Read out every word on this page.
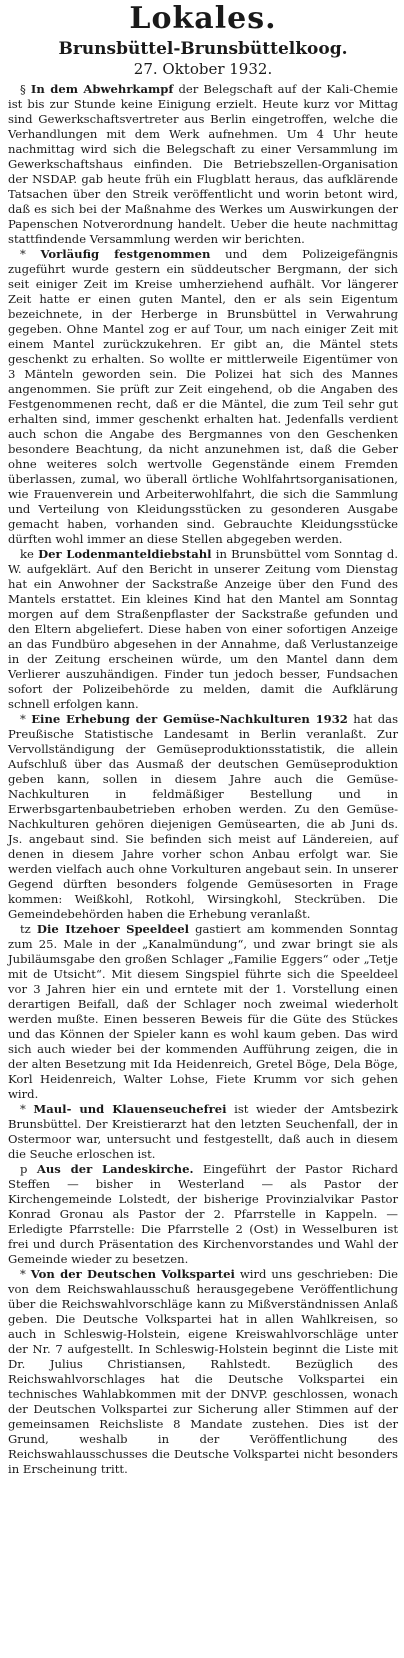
Lokales.
Brunsbüttel-Brunsbüttelkoog.
27. Oktober 1932.

§ In dem Abwehrkampf der Belegschaft auf der Kali-Chemie ist bis zur Stunde keine Einigung erzielt. Heute kurz vor Mittag sind Gewerkschaftsvertreter aus Berlin eingetroffen, welche die Verhandlungen mit dem Werk aufnehmen. Um 4 Uhr heute nachmittag wird sich die Belegschaft zu einer Versammlung im Gewerkschaftshaus einfinden. Die Betriebszellen-Organisation der NSDAP. gab heute früh ein Flugblatt heraus, das aufklärende Tatsachen über den Streik veröffentlicht und worin betont wird, daß es sich bei der Maßnahme des Werkes um Auswirkungen der Papenschen Notverordnung handelt. Ueber die heute nachmittag stattfindende Versammlung werden wir berichten.

* Vorläufig festgenommen und dem Polizeigefängnis zugeführt wurde gestern ein süddeutscher Bergmann, der sich seit einiger Zeit im Kreise umherziehend aufhält. Vor längerer Zeit hatte er einen guten Mantel, den er als sein Eigentum bezeichnete, in der Herberge in Brunsbüttel in Verwahrung gegeben. Ohne Mantel zog er auf Tour, um nach einiger Zeit mit einem Mantel zurückzukehren. Er gibt an, die Mäntel stets geschenkt zu erhalten. So wollte er mittlerweile Eigentümer von 3 Mänteln geworden sein. Die Polizei hat sich des Mannes angenommen. Sie prüft zur Zeit eingehend, ob die Angaben des Festgenommenen recht, daß er die Mäntel, die zum Teil sehr gut erhalten sind, immer geschenkt erhalten hat. Jedenfalls verdient auch schon die Angabe des Bergmannes von den Geschenken besondere Beachtung, da nicht anzunehmen ist, daß die Geber ohne weiteres solch wertvolle Gegenstände einem Fremden überlassen, zumal, wo überall örtliche Wohlfahrtsorganisationen, wie Frauenverein und Arbeiterwohlfahrt, die sich die Sammlung und Verteilung von Kleidungsstücken zu gesonderen Ausgabe gemacht haben, vorhanden sind. Gebrauchte Kleidungsstücke dürften wohl immer an diese Stellen abgegeben werden.

ke Der Lodenmanteldiebstahl in Brunsbüttel vom Sonntag d. W. aufgeklärt. Auf den Bericht in unserer Zeitung vom Dienstag hat ein Anwohner der Sackstraße Anzeige über den Fund des Mantels erstattet. Ein kleines Kind hat den Mantel am Sonntag morgen auf dem Straßenpflaster der Sackstraße gefunden und den Eltern abgeliefert. Diese haben von einer sofortigen Anzeige an das Fundbüro abgesehen in der Annahme, daß Verlustanzeige in der Zeitung erscheinen würde, um den Mantel dann dem Verlierer auszuhändigen. Finder tun jedoch besser, Fundsachen sofort der Polizeibehörde zu melden, damit die Aufklärung schnell erfolgen kann.

* Eine Erhebung der Gemüse-Nachkulturen 1932 hat das Preußische Statistische Landesamt in Berlin veranlaßt. Zur Vervollständigung der Gemüseproduktionsstatistik, die allein Aufschluß über das Ausmaß der deutschen Gemüseproduktion geben kann, sollen in diesem Jahre auch die Gemüse-Nachkulturen in feldmäßiger Bestellung und in Erwerbsgartenbaubetrieben erhoben werden. Zu den Gemüse-Nachkulturen gehören diejenigen Gemüsearten, die ab Juni ds. Js. angebaut sind. Sie befinden sich meist auf Ländereien, auf denen in diesem Jahre vorher schon Anbau erfolgt war. Sie werden vielfach auch ohne Vorkulturen angebaut sein. In unserer Gegend dürften besonders folgende Gemüsesorten in Frage kommen: Weißkohl, Rotkohl, Wirsingkohl, Steckrüben. Die Gemeindebehörden haben die Erhebung veranlaßt.

tz Die Itzehoer Speeldeel gastiert am kommenden Sonntag zum 25. Male in der „Kanalmündung“, und zwar bringt sie als Jubiläumsgabe den großen Schlager „Familie Eggers“ oder „Tetje mit de Utsicht“. Mit diesem Singspiel führte sich die Speeldeel vor 3 Jahren hier ein und erntete mit der 1. Vorstellung einen derartigen Beifall, daß der Schlager noch zweimal wiederholt werden mußte. Einen besseren Beweis für die Güte des Stückes und das Können der Spieler kann es wohl kaum geben. Das wird sich auch wieder bei der kommenden Aufführung zeigen, die in der alten Besetzung mit Ida Heidenreich, Gretel Böge, Dela Böge, Korl Heidenreich, Walter Lohse, Fiete Krumm vor sich gehen wird.

* Maul- und Klauenseuchefrei ist wieder der Amtsbezirk Brunsbüttel. Der Kreistierarzt hat den letzten Seuchenfall, der in Ostermoor war, untersucht und festgestellt, daß auch in diesem die Seuche erloschen ist.

p Aus der Landeskirche. Eingeführt der Pastor Richard Steffen — bisher in Westerland — als Pastor der Kirchengemeinde Lolstedt, der bisherige Provinzialvikar Pastor Konrad Gronau als Pastor der 2. Pfarrstelle in Kappeln. — Erledigte Pfarrstelle: Die Pfarrstelle 2 (Ost) in Wesselburen ist frei und durch Präsentation des Kirchenvorstandes und Wahl der Gemeinde wieder zu besetzen.

* Von der Deutschen Volkspartei wird uns geschrieben: Die von dem Reichswahlausschuß herausgegebene Veröffentlichung über die Reichswahlvorschläge kann zu Mißverständnissen Anlaß geben. Die Deutsche Volkspartei hat in allen Wahlkreisen, so auch in Schleswig-Holstein, eigene Kreiswahlvorschläge unter der Nr. 7 aufgestellt. In Schleswig-Holstein beginnt die Liste mit Dr. Julius Christiansen, Rahlstedt. Bezüglich des Reichswahlvorschlages hat die Deutsche Volkspartei ein technisches Wahlabkommen mit der DNVP. geschlossen, wonach der Deutschen Volkspartei zur Sicherung aller Stimmen auf der gemeinsamen Reichsliste 8 Mandate zustehen. Dies ist der Grund, weshalb in der Veröffentlichung des Reichswahlausschusses die Deutsche Volkspartei nicht besonders in Erscheinung tritt.
